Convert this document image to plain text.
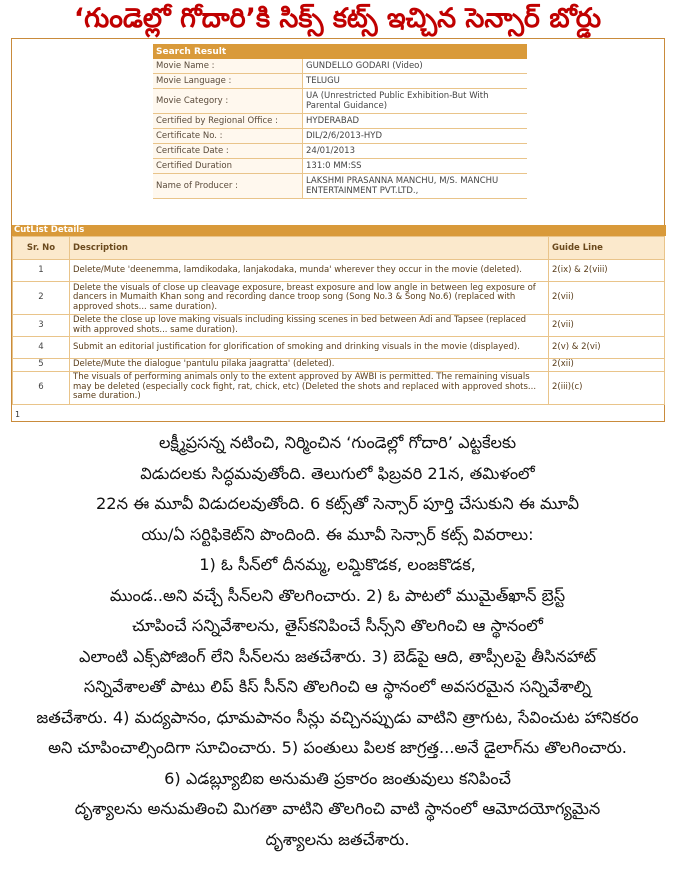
‘గుండెల్లో గోదారి’కి సిక్స్ కట్స్ ఇచ్చిన సెన్సార్ బోర్డు
Search Result	
Movie Name :	GUNDELLO GODARI (Video)
Movie Language :	TELUGU
Movie Category :	UA (Unrestricted Public Exhibition-But With Parental Guidance)
Certified by Regional Office :	HYDERABAD
Certificate No. :	DIL/2/6/2013-HYD
Certificate Date :	24/01/2013
Certified Duration	131:0 MM:SS
Name of Producer :	LAKSHMI PRASANNA MANCHU, M/S. MANCHU ENTERTAINMENT PVT.LTD.,
CutList Details
Sr. No	Description	Guide Line
1	Delete/Mute 'deenemma, lamdikodaka, lanjakodaka, munda' wherever they occur in the movie (deleted).	2(ix) & 2(viii)
2	Delete the visuals of close up cleavage exposure, breast exposure and low angle in between leg exposure of dancers in Mumaith Khan song and recording dance troop song (Song No.3 & Song No.6) (replaced with approved shots... same duration).	2(vii)
3	Delete the close up love making visuals including kissing scenes in bed between Adi and Tapsee (replaced with approved shots... same duration).	2(vii)
4	Submit an editorial justification for glorification of smoking and drinking visuals in the movie (displayed).	2(v) & 2(vi)
5	Delete/Mute the dialogue 'pantulu pilaka jaagratta' (deleted).	2(xii)
6	The visuals of performing animals only to the extent approved by AWBI is permitted. The remaining visuals may be deleted (especially cock fight, rat, chick, etc) (Deleted the shots and replaced with approved shots... same duration.)	2(iii)(c)
1
లక్ష్మీప్రసన్న నటించి, నిర్మించిన ‘గుండెల్లో గోదారి’ ఎట్టకేలకు
విడుదలకు సిద్ధమవుతోంది. తెలుగులో ఫిబ్రవరి 21న, తమిళంలో
22న ఈ మూవీ విడుదలవుతోంది. 6 కట్స్‌తో సెన్సార్ పూర్తి చేసుకుని ఈ మూవీ
యు/ఏ సర్టిఫికెట్‌ని పొందింది. ఈ మూవీ సెన్సార్ కట్స్ వివరాలు:
1) ఓ సీన్‌లో దీనమ్మ, లమ్డికొడక, లంజకొడక,
ముండ..అని వచ్చే సీన్‌లని తొలగించారు. 2) ఓ పాటలో ముమైత్‌ఖాన్ బ్రెస్ట్
చూపించే సన్నివేశాలను, తైస్‌కనిపించే సీన్స్‌ని తొలగించి ఆ స్థానంలో
ఎలాంటి ఎక్స్‌పోజింగ్ లేని సీన్‌లను జతచేశారు. 3) బెడ్‌పై ఆది, తాప్సీలపై తీసినహాట్
సన్నివేశాలతో పాటు లిప్ కిస్ సీన్‌ని తొలగించి ఆ స్థానంలో అవసరమైన సన్నివేశాల్ని
జతచేశారు. 4) మద్యపానం, ధూమపానం సీన్లు వచ్చినప్పుడు వాటిని త్రాగుట, సేవించుట హానికరం
అని చూపించాల్సిందిగా సూచించారు. 5) పంతులు పిలక జాగ్రత్త...అనే డైలాగ్‌ను తొలగించారు.
6) ఎడబ్ల్యూబిఐ అనుమతి ప్రకారం జంతువులు కనిపించే
దృశ్యాలను అనుమతించి మిగతా వాటిని తొలగించి వాటి స్థానంలో ఆమోదయోగ్యమైన
దృశ్యాలను జతచేశారు.
